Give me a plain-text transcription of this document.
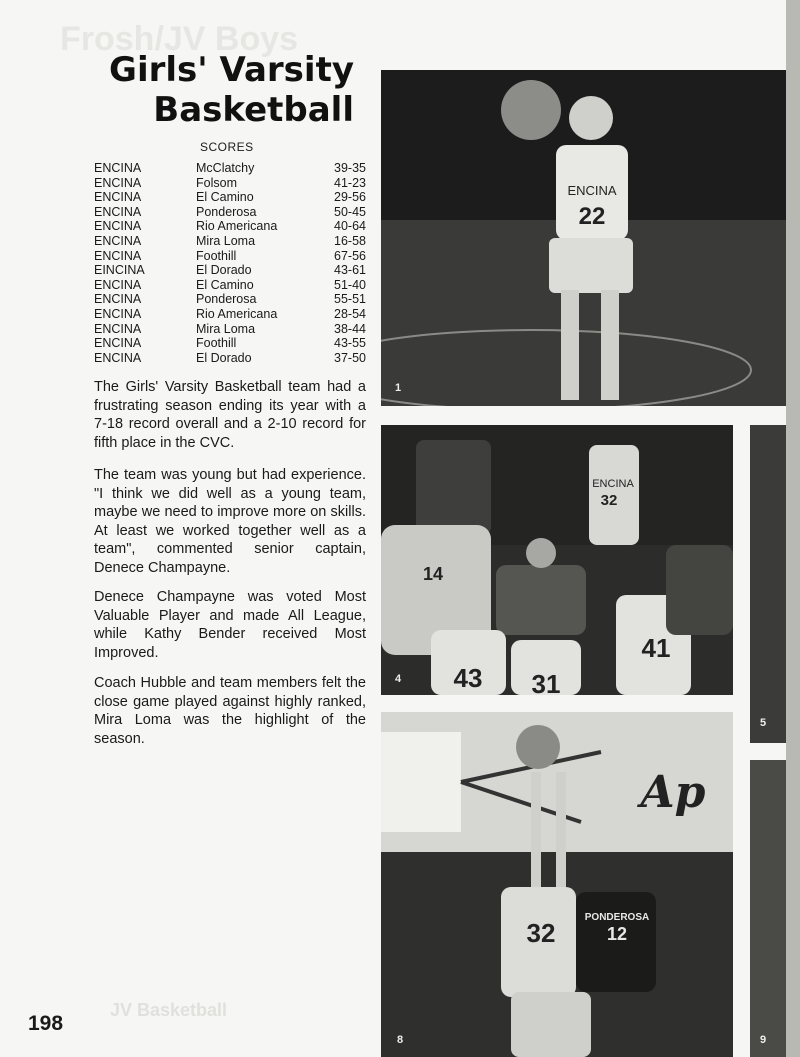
Frosh/JV Boys
Girls' Varsity
Basketball
SCORES
ENCINA	McClatchy	39-35
ENCINA	Folsom	41-23
ENCINA	El Camino	29-56
ENCINA	Ponderosa	50-45
ENCINA	Rio Americana	40-64
ENCINA	Mira Loma	16-58
ENCINA	Foothill	67-56
EINCINA	El Dorado	43-61
ENCINA	El Camino	51-40
ENCINA	Ponderosa	55-51
ENCINA	Rio Americana	28-54
ENCINA	Mira Loma	38-44
ENCINA	Foothill	43-55
ENCINA	El Dorado	37-50
The Girls' Varsity Basketball team had a frustrating season ending its year with a 7-18 record overall and a 2-10 record for fifth place in the CVC.
The team was young but had experience. "I think we did well as a young team, maybe we need to improve more on skills. At least we worked together well as a team", commented senior captain, Denece Champayne.
Denece Champayne was voted Most Valuable Player and made All League, while Kathy Bender received Most Improved.
Coach Hubble and team members felt the close game played against highly ranked, Mira Loma was the highlight of the season.
ENCINA
22
1
ENCINA
32
14
43 31
41
4
5
Ap
PONDEROSA
32	12
8	9
JV Basketball
198
